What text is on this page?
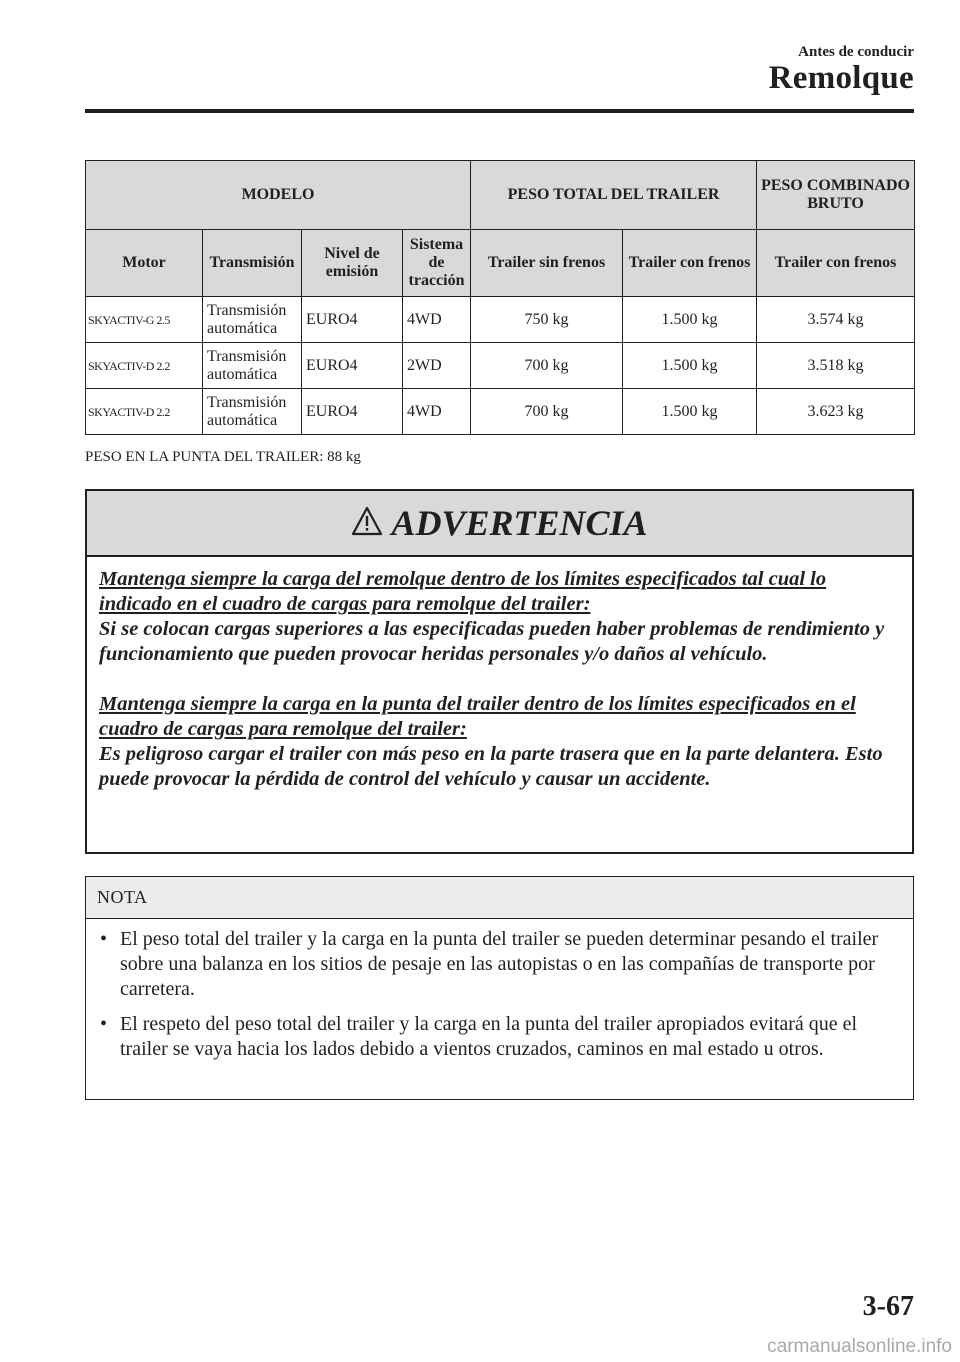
Antes de conducir
Remolque
MODELO				PESO TOTAL DEL TRAILER		PESO COMBINADO BRUTO
Motor	Transmisión	Nivel de emisión	Sistema de tracción	Trailer sin frenos	Trailer con frenos	Trailer con frenos
SKYACTIV-G 2.5	Transmisión automática	EURO4	4WD	750 kg	1.500 kg	3.574 kg
SKYACTIV-D 2.2	Transmisión automática	EURO4	2WD	700 kg	1.500 kg	3.518 kg
SKYACTIV-D 2.2	Transmisión automática	EURO4	4WD	700 kg	1.500 kg	3.623 kg
PESO EN LA PUNTA DEL TRAILER: 88 kg
ADVERTENCIA

Mantenga siempre la carga del remolque dentro de los límites especificados tal cual lo indicado en el cuadro de cargas para remolque del trailer:

Si se colocan cargas superiores a las especificadas pueden haber problemas de rendimiento y funcionamiento que pueden provocar heridas personales y/o daños al vehículo.

Mantenga siempre la carga en la punta del trailer dentro de los límites especificados en el cuadro de cargas para remolque del trailer:

Es peligroso cargar el trailer con más peso en la parte trasera que en la parte delantera. Esto puede provocar la pérdida de control del vehículo y causar un accidente.

NOTA
• El peso total del trailer y la carga en la punta del trailer se pueden determinar pesando el trailer sobre una balanza en los sitios de pesaje en las autopistas o en las compañías de transporte por carretera.
• El respeto del peso total del trailer y la carga en la punta del trailer apropiados evitará que el trailer se vaya hacia los lados debido a vientos cruzados, caminos en mal estado u otros.
3-67
carmanualsonline.info
